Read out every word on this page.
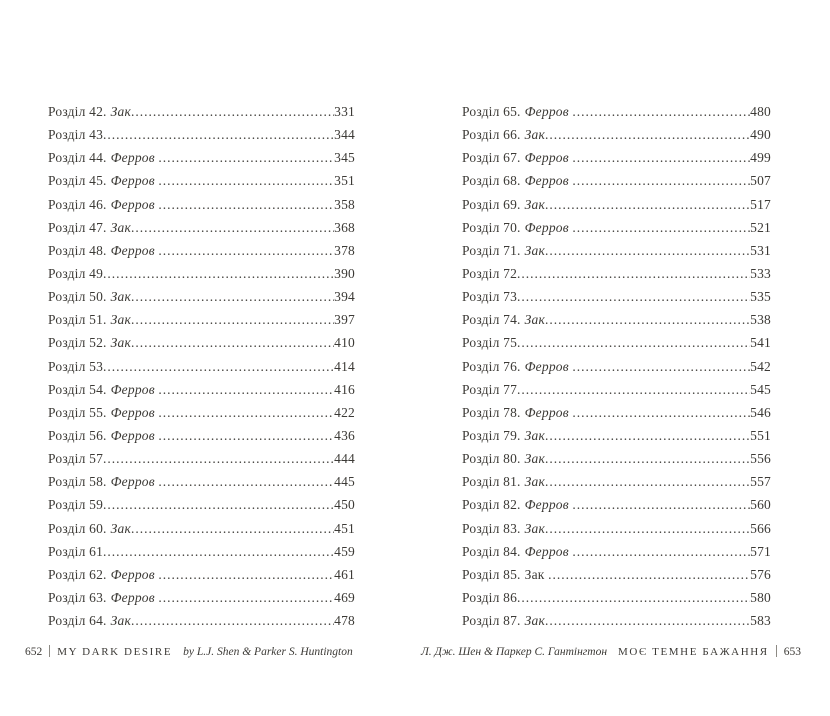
Розділ 42. Зак .....	331
Розділ 43 .....	344
Розділ 44. Ферров .....	345
Розділ 45. Ферров .....	351
Розділ 46. Ферров .....	358
Розділ 47. Зак .....	368
Розділ 48. Ферров .....	378
Розділ 49 .....	390
Розділ 50. Зак .....	394
Розділ 51. Зак .....	397
Розділ 52. Зак .....	410
Розділ 53 .....	414
Розділ 54. Ферров .....	416
Розділ 55. Ферров .....	422
Розділ 56. Ферров .....	436
Розділ 57 .....	444
Розділ 58. Ферров .....	445
Розділ 59 .....	450
Розділ 60. Зак .....	451
Розділ 61 .....	459
Розділ 62. Ферров .....	461
Розділ 63. Ферров .....	469
Розділ 64. Зак .....	478
Розділ 65. Ферров .....	480
Розділ 66. Зак .....	490
Розділ 67. Ферров .....	499
Розділ 68. Ферров .....	507
Розділ 69. Зак .....	517
Розділ 70. Ферров .....	521
Розділ 71. Зак .....	531
Розділ 72 .....	533
Розділ 73 .....	535
Розділ 74. Зак .....	538
Розділ 75 .....	541
Розділ 76. Ферров .....	542
Розділ 77 .....	545
Розділ 78. Ферров .....	546
Розділ 79. Зак .....	551
Розділ 80. Зак .....	556
Розділ 81. Зак .....	557
Розділ 82. Ферров .....	560
Розділ 83. Зак .....	566
Розділ 84. Ферров .....	571
Розділ 85. Зак .....	576
Розділ 86 .....	580
Розділ 87. Зак .....	583
652 MY DARK DESIRE by L.J. Shen & Parker S. Huntington	Л. Дж. Шен & Паркер С. Гантінгтон МОЄ ТЕМНЕ БАЖАННЯ 653
